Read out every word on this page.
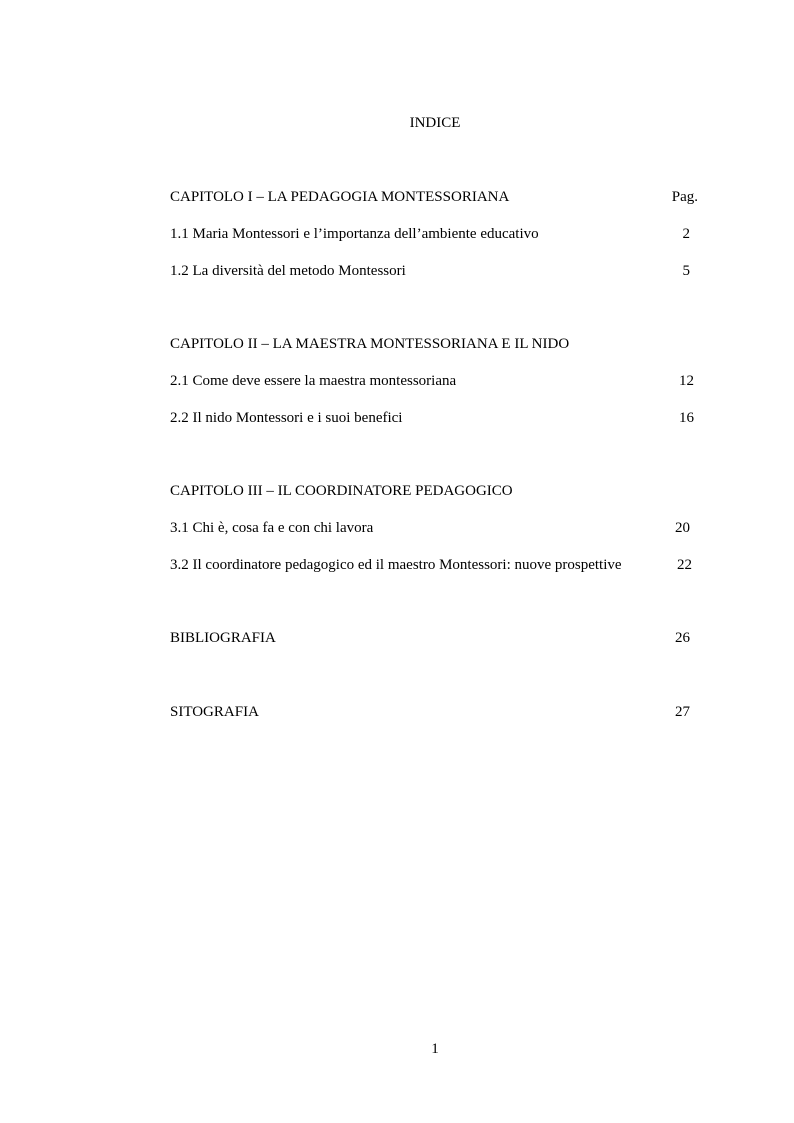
INDICE
CAPITOLO I – LA PEDAGOGIA MONTESSORIANA	Pag.
1.1 Maria Montessori e l’importanza dell’ambiente educativo	2
1.2 La diversità del metodo Montessori	5
CAPITOLO II – LA MAESTRA MONTESSORIANA E IL NIDO
2.1 Come deve essere la maestra montessoriana	12
2.2 Il nido Montessori e i suoi benefici	16
CAPITOLO III – IL COORDINATORE PEDAGOGICO
3.1 Chi è, cosa fa e con chi lavora	20
3.2 Il coordinatore pedagogico ed il maestro Montessori: nuove prospettive	22
BIBLIOGRAFIA	26
SITOGRAFIA	27
1
